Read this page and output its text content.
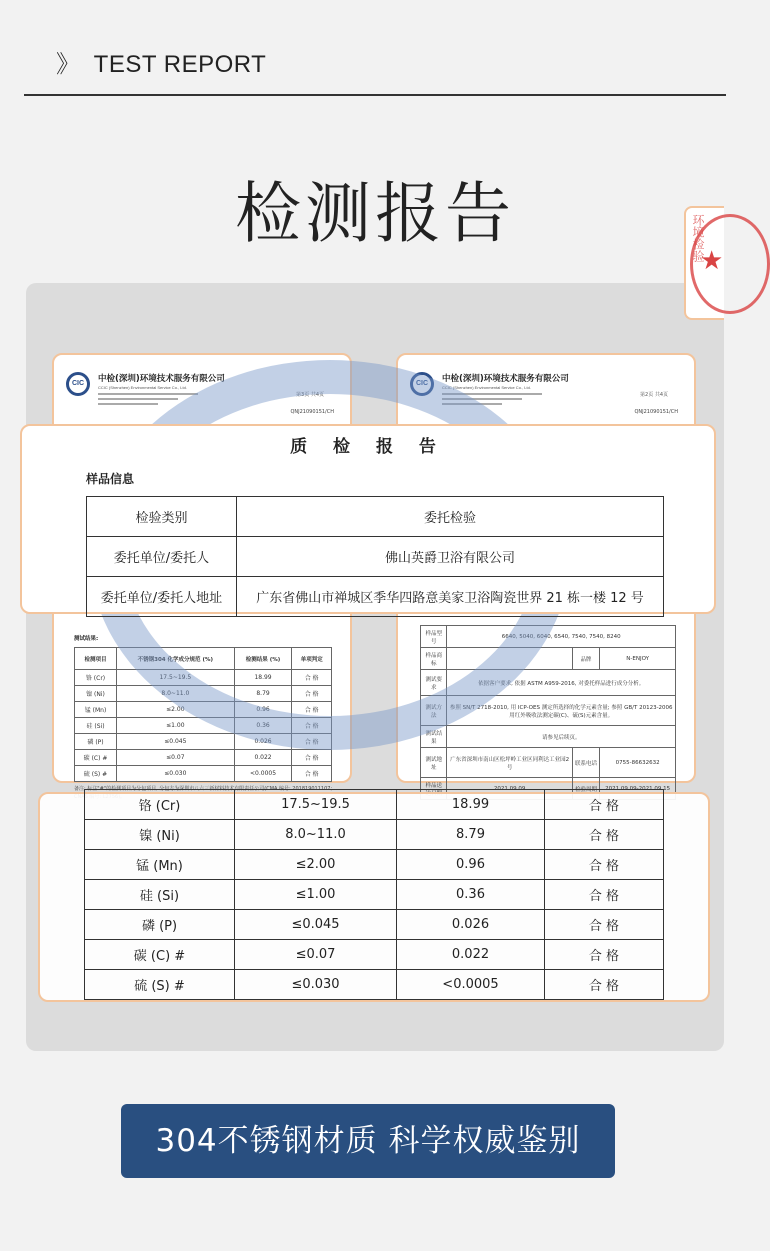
》 TEST REPORT
检测报告
CIC	中检(深圳)环境技术服务有限公司
CCIC (Shenzhen) Environmental Service Co., Ltd.
第3页 共4页
QNJ21090151/CH
测试结果:
检测项目	不锈钢304 化学成分规范 (%)	检测结果 (%)	单项判定
铬 (Cr)	17.5~19.5	18.99	合 格
镍 (Ni)	8.0~11.0	8.79	合 格
锰 (Mn)	≤2.00	0.96	合 格
硅 (Si)	≤1.00	0.36	合 格
磷 (P)	≤0.045	0.026	合 格
碳 (C) #	≤0.07	0.022	合 格
硫 (S) #	≤0.030	<0.0005	合 格
备注: 标注"#"的检测项目为分包项目, 分包方为深圳市八六三新材料技术有限责任公司(CMA 编号: 201819011107;
CIC	中检(深圳)环境技术服务有限公司
CCIC (Shenzhen) Environmental Service Co., Ltd.
第2页 共4页
QNJ21090151/CH
样品型号	6640, 5040, 6040, 6540, 7540, 7540, 8240		
样品商标		品牌	N-ENJOY
测试要求	依据客户要求, 依据 ASTM A959-2016, 对委托样品进行成分分析。		
测试方法	参照 SN/T 2718-2010, 用 ICP-OES 测定所选择的化学元素含量; 参照 GB/T 20123-2006 用红外吸收法测定碳(C)、硫(S)元素含量。		
测试结果	请参见后续页。		
测试地址	广东省深圳市南山区松坪岭工业区同利达工业园2号	联系电话	0755-86632632
样品送	2021.09.09	检验周期	2021.09.09-2021.09.15
★
环境检验
质 检 报 告
样品信息
检验类别	委托检验
委托单位/委托人	佛山英爵卫浴有限公司
委托单位/委托人地址	广东省佛山市禅城区季华四路意美家卫浴陶瓷世界 21 栋一楼 12 号
铬 (Cr)	17.5~19.5	18.99	合 格
镍 (Ni)	8.0~11.0	8.79	合 格
锰 (Mn)	≤2.00	0.96	合 格
硅 (Si)	≤1.00	0.36	合 格
磷 (P)	≤0.045	0.026	合 格
碳 (C) #	≤0.07	0.022	合 格
硫 (S) #	≤0.030	<0.0005	合 格
304不锈钢材质 科学权威鉴别
